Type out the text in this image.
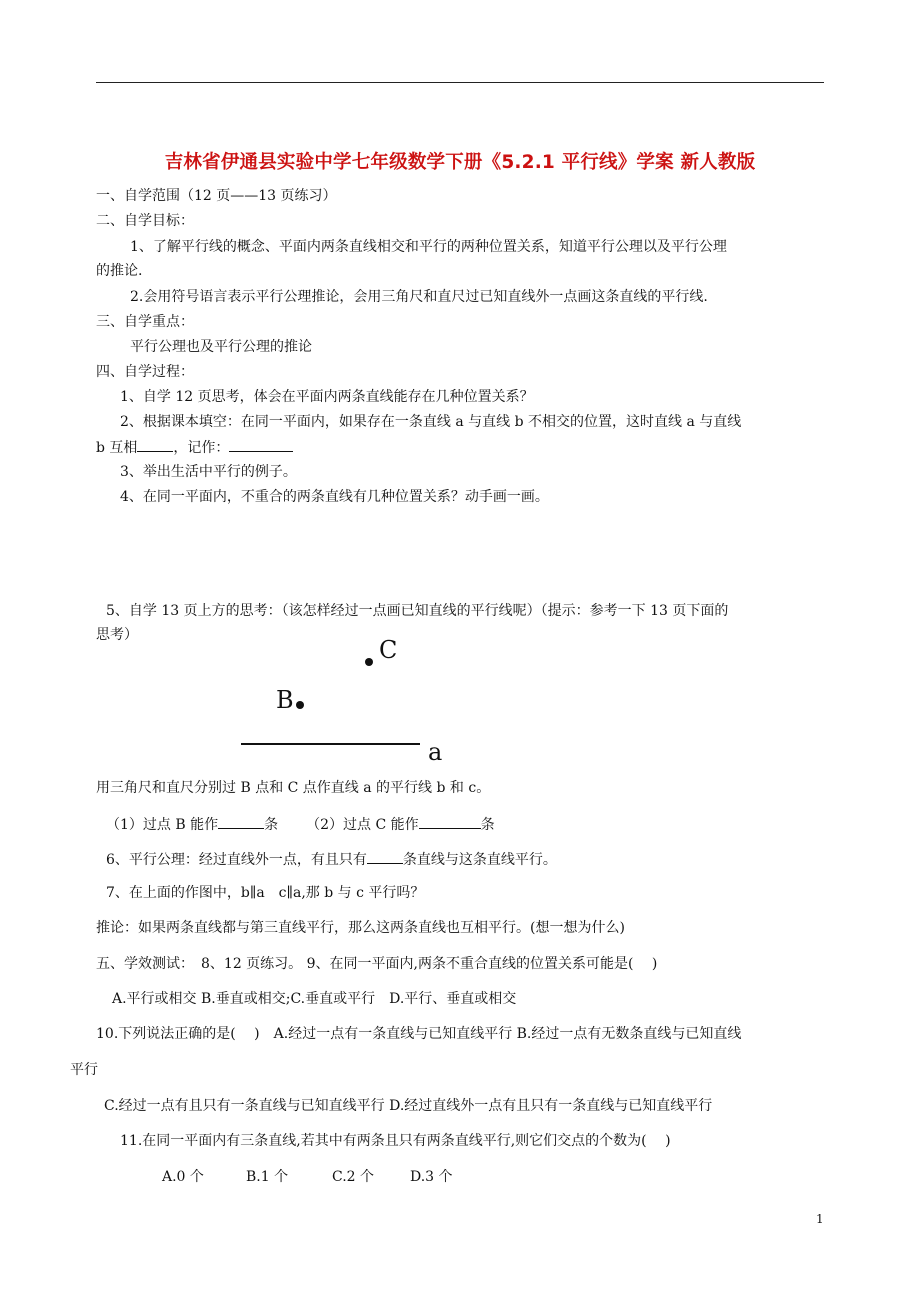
吉林省伊通县实验中学七年级数学下册《5.2.1 平行线》学案 新人教版
一、自学范围（12 页——13 页练习）
二、自学目标：
1、了解平行线的概念、平面内两条直线相交和平行的两种位置关系，知道平行公理以及平行公理
的推论.
2.会用符号语言表示平行公理推论，会用三角尺和直尺过已知直线外一点画这条直线的平行线.
三、自学重点：
平行公理也及平行公理的推论
四、自学过程：
1、自学 12 页思考，体会在平面内两条直线能存在几种位置关系？
2、根据课本填空：在同一平面内，如果存在一条直线 a 与直线 b 不相交的位置，这时直线 a 与直线
b 互相	，记作：
3、举出生活中平行的例子。
4、在同一平面内，不重合的两条直线有几种位置关系？动手画一画。
5、自学 13 页上方的思考：（该怎样经过一点画已知直线的平行线呢）（提示：参考一下 13 页下面的
思考）
C
B
a
用三角尺和直尺分别过 B 点和 C 点作直线 a 的平行线 b 和 c。
（1）过点 B 能作	条 （2）过点 C 能作	条
6、平行公理：经过直线外一点，有且只有	条直线与这条直线平行。
7、在上面的作图中，b∥a　c∥a,那 b 与 c 平行吗？
推论：如果两条直线都与第三直线平行，那么这两条直线也互相平行。(想一想为什么)
五、学效测试：　8、12 页练习。 9、在同一平面内,两条不重合直线的位置关系可能是(　 )
A.平行或相交 B.垂直或相交;C.垂直或平行　D.平行、垂直或相交
10.下列说法正确的是(　 )　A.经过一点有一条直线与已知直线平行 B.经过一点有无数条直线与已知直线
平行
C.经过一点有且只有一条直线与已知直线平行 D.经过直线外一点有且只有一条直线与已知直线平行
11.在同一平面内有三条直线,若其中有两条且只有两条直线平行,则它们交点的个数为(　 )
A.0 个	B.1 个	C.2 个	D.3 个
1
